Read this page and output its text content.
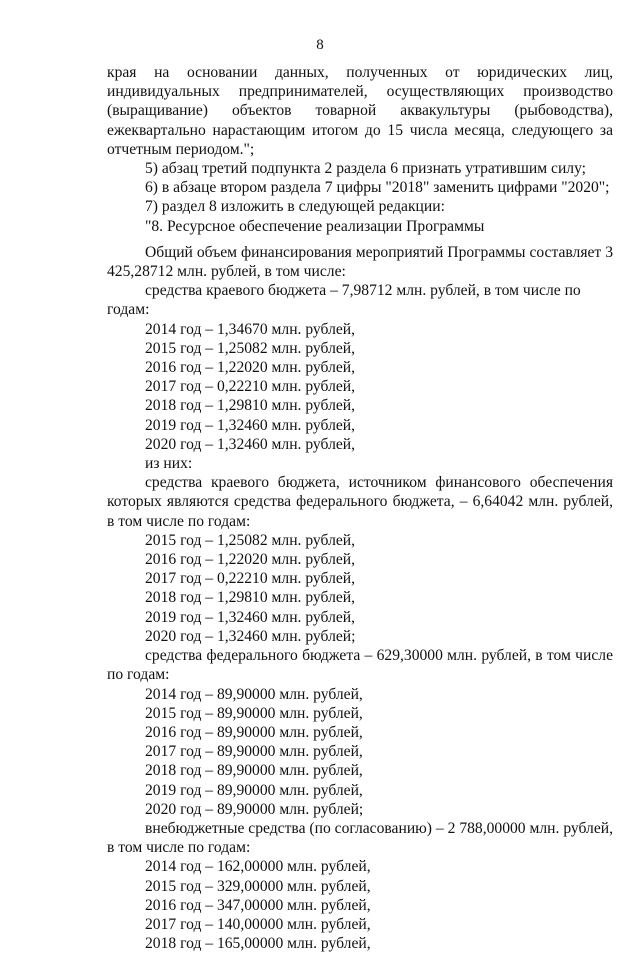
8

края на основании данных, полученных от юридических лиц, индивидуальных предпринимателей, осуществляющих производство (выращивание) объектов товарной аквакультуры (рыбоводства), ежеквартально нарастающим итогом до 15 числа месяца, следующего за отчетным периодом.";

5) абзац третий подпункта 2 раздела 6 признать утратившим силу;

6) в абзаце втором раздела 7 цифры "2018" заменить цифрами "2020";

7) раздел 8 изложить в следующей редакции:

"8. Ресурсное обеспечение реализации Программы

Общий объем финансирования мероприятий Программы составляет 3 425,28712 млн. рублей, в том числе:

средства краевого бюджета – 7,98712 млн. рублей, в том числе по годам:

2014 год – 1,34670 млн. рублей,

2015 год – 1,25082 млн. рублей,

2016 год – 1,22020 млн. рублей,

2017 год – 0,22210 млн. рублей,

2018 год – 1,29810 млн. рублей,

2019 год – 1,32460 млн. рублей,

2020 год – 1,32460 млн. рублей,

из них:

средства краевого бюджета, источником финансового обеспечения которых являются средства федерального бюджета, – 6,64042 млн. рублей, в том числе по годам:

2015 год – 1,25082 млн. рублей,

2016 год – 1,22020 млн. рублей,

2017 год – 0,22210 млн. рублей,

2018 год – 1,29810 млн. рублей,

2019 год – 1,32460 млн. рублей,

2020 год – 1,32460 млн. рублей;

средства федерального бюджета – 629,30000 млн. рублей, в том числе по годам:

2014 год – 89,90000 млн. рублей,

2015 год – 89,90000 млн. рублей,

2016 год – 89,90000 млн. рублей,

2017 год – 89,90000 млн. рублей,

2018 год – 89,90000 млн. рублей,

2019 год – 89,90000 млн. рублей,

2020 год – 89,90000 млн. рублей;

внебюджетные средства (по согласованию) – 2 788,00000 млн. рублей, в том числе по годам:

2014 год – 162,00000 млн. рублей,

2015 год – 329,00000 млн. рублей,

2016 год – 347,00000 млн. рублей,

2017 год – 140,00000 млн. рублей,

2018 год – 165,00000 млн. рублей,
